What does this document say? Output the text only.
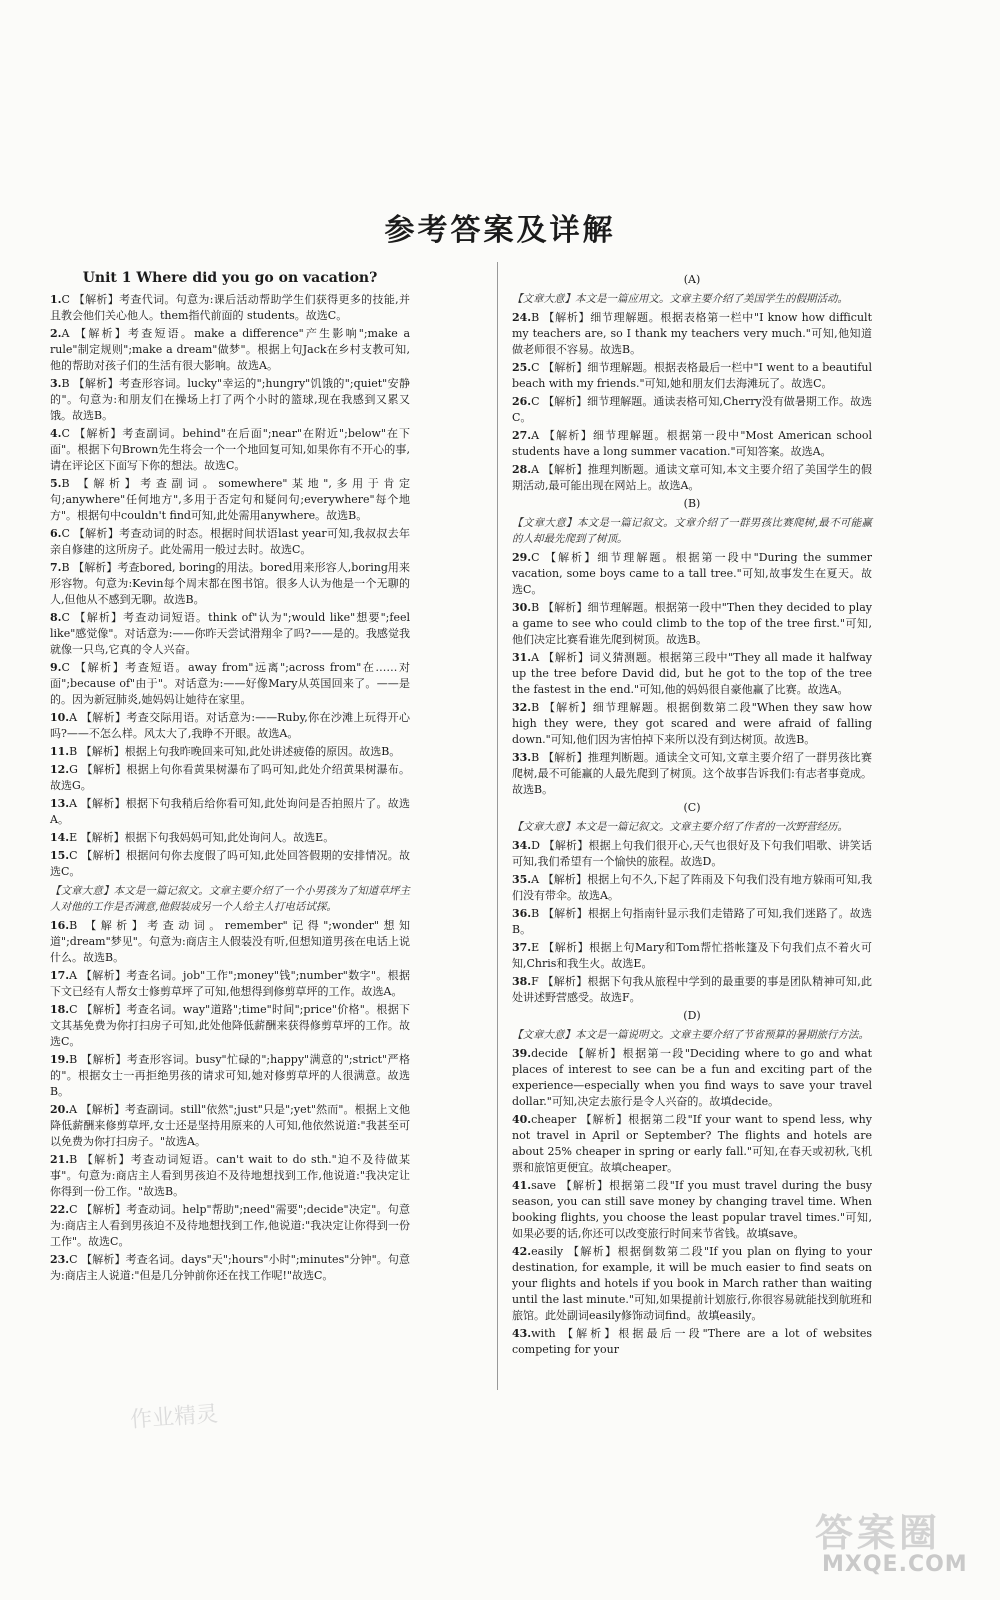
参考答案及详解
Unit 1 Where did you go on vacation?
1.C 【解析】考查代词。句意为:课后活动帮助学生们获得更多的技能,并且教会他们关心他人。them指代前面的 students。故选C。
2.A 【解析】考查短语。make a difference"产生影响";make a rule"制定规则";make a dream"做梦"。根据上句Jack在乡村支教可知,他的帮助对孩子们的生活有很大影响。故选A。
3.B 【解析】考查形容词。lucky"幸运的";hungry"饥饿的";quiet"安静的"。句意为:和朋友们在操场上打了两个小时的篮球,现在我感到又累又饿。故选B。
4.C 【解析】考查副词。behind"在后面";near"在附近";below"在下面"。根据下句Brown先生将会一个一个地回复可知,如果你有不开心的事,请在评论区下面写下你的想法。故选C。
5.B 【解析】考查副词。somewhere"某地",多用于肯定句;anywhere"任何地方",多用于否定句和疑问句;everywhere"每个地方"。根据句中couldn't find可知,此处需用anywhere。故选B。
6.C 【解析】考查动词的时态。根据时间状语last year可知,我叔叔去年亲自修建的这所房子。此处需用一般过去时。故选C。
7.B 【解析】考查bored, boring的用法。bored用来形容人,boring用来形容物。句意为:Kevin每个周末都在图书馆。很多人认为他是一个无聊的人,但他从不感到无聊。故选B。
8.C 【解析】考查动词短语。think of"认为";would like"想要";feel like"感觉像"。对话意为:——你昨天尝试滑翔伞了吗?——是的。我感觉我就像一只鸟,它真的令人兴奋。
9.C 【解析】考查短语。away from"远离";across from"在……对面";because of"由于"。对话意为:——好像Mary从英国回来了。——是的。因为新冠肺炎,她妈妈让她待在家里。
10.A 【解析】考查交际用语。对话意为:——Ruby,你在沙滩上玩得开心吗?——不怎么样。风太大了,我睁不开眼。故选A。
11.B 【解析】根据上句我昨晚回来可知,此处讲述疲倦的原因。故选B。
12.G 【解析】根据上句你看黄果树瀑布了吗可知,此处介绍黄果树瀑布。故选G。
13.A 【解析】根据下句我稍后给你看可知,此处询问是否拍照片了。故选A。
14.E 【解析】根据下句我妈妈可知,此处询问人。故选E。
15.C 【解析】根据问句你去度假了吗可知,此处回答假期的安排情况。故选C。
【文章大意】本文是一篇记叙文。文章主要介绍了一个小男孩为了知道草坪主人对他的工作是否满意,他假装成另一个人给主人打电话试探。
16.B 【解析】考查动词。remember"记得";wonder"想知道";dream"梦见"。句意为:商店主人假装没有听,但想知道男孩在电话上说什么。故选B。
17.A 【解析】考查名词。job"工作";money"钱";number"数字"。根据下文已经有人帮女士修剪草坪了可知,他想得到修剪草坪的工作。故选A。
18.C 【解析】考查名词。way"道路";time"时间";price"价格"。根据下文其基免费为你打扫房子可知,此处他降低薪酬来获得修剪草坪的工作。故选C。
19.B 【解析】考查形容词。busy"忙碌的";happy"满意的";strict"严格的"。根据女士一再拒绝男孩的请求可知,她对修剪草坪的人很满意。故选B。
20.A 【解析】考查副词。still"依然";just"只是";yet"然而"。根据上文他降低薪酬来修剪草坪,女士还是坚持用原来的人可知,他依然说道:"我甚至可以免费为你打扫房子。"故选A。
21.B 【解析】考查动词短语。can't wait to do sth."迫不及待做某事"。句意为:商店主人看到男孩迫不及待地想找到工作,他说道:"我决定让你得到一份工作。"故选B。
22.C 【解析】考查动词。help"帮助";need"需要";decide"决定"。句意为:商店主人看到男孩迫不及待地想找到工作,他说道:"我决定让你得到一份工作"。故选C。
23.C 【解析】考查名词。days"天";hours"小时";minutes"分钟"。句意为:商店主人说道:"但是几分钟前你还在找工作呢!"故选C。
(A)
【文章大意】本文是一篇应用文。文章主要介绍了美国学生的假期活动。
24.B 【解析】细节理解题。根据表格第一栏中"I know how difficult my teachers are, so I thank my teachers very much."可知,他知道做老师很不容易。故选B。
25.C 【解析】细节理解题。根据表格最后一栏中"I went to a beautiful beach with my friends."可知,她和朋友们去海滩玩了。故选C。
26.C 【解析】细节理解题。通读表格可知,Cherry没有做暑期工作。故选C。
27.A 【解析】细节理解题。根据第一段中"Most American school students have a long summer vacation."可知答案。故选A。
28.A 【解析】推理判断题。通读文章可知,本文主要介绍了美国学生的假期活动,最可能出现在网站上。故选A。
(B)
【文章大意】本文是一篇记叙文。文章介绍了一群男孩比赛爬树,最不可能赢的人却最先爬到了树顶。
29.C 【解析】细节理解题。根据第一段中"During the summer vacation, some boys came to a tall tree."可知,故事发生在夏天。故选C。
30.B 【解析】细节理解题。根据第一段中"Then they decided to play a game to see who could climb to the top of the tree first."可知,他们决定比赛看谁先爬到树顶。故选B。
31.A 【解析】词义猜测题。根据第三段中"They all made it halfway up the tree before David did, but he got to the top of the tree the fastest in the end."可知,他的妈妈很自豪他赢了比赛。故选A。
32.B 【解析】细节理解题。根据倒数第二段"When they saw how high they were, they got scared and were afraid of falling down."可知,他们因为害怕掉下来所以没有到达树顶。故选B。
33.B 【解析】推理判断题。通读全文可知,文章主要介绍了一群男孩比赛爬树,最不可能赢的人最先爬到了树顶。这个故事告诉我们:有志者事竟成。故选B。
(C)
【文章大意】本文是一篇记叙文。文章主要介绍了作者的一次野营经历。
34.D 【解析】根据上句我们很开心,天气也很好及下句我们唱歌、讲笑话可知,我们希望有一个愉快的旅程。故选D。
35.A 【解析】根据上句不久,下起了阵雨及下句我们没有地方躲雨可知,我们没有带伞。故选A。
36.B 【解析】根据上句指南针显示我们走错路了可知,我们迷路了。故选B。
37.E 【解析】根据上句Mary和Tom帮忙搭帐篷及下句我们点不着火可知,Chris和我生火。故选E。
38.F 【解析】根据下句我从旅程中学到的最重要的事是团队精神可知,此处讲述野营感受。故选F。
(D)
【文章大意】本文是一篇说明文。文章主要介绍了节省预算的暑期旅行方法。
39.decide 【解析】根据第一段"Deciding where to go and what places of interest to see can be a fun and exciting part of the experience—especially when you find ways to save your travel dollar."可知,决定去旅行是令人兴奋的。故填decide。
40.cheaper 【解析】根据第二段"If your want to spend less, why not travel in April or September? The flights and hotels are about 25% cheaper in spring or early fall."可知,在春天或初秋,飞机票和旅馆更便宜。故填cheaper。
41.save 【解析】根据第二段"If you must travel during the busy season, you can still save money by changing travel time. When booking flights, you choose the least popular travel times."可知,如果必要的话,你还可以改变旅行时间来节省钱。故填save。
42.easily 【解析】根据倒数第二段"If you plan on flying to your destination, for example, it will be much easier to find seats on your flights and hotels if you book in March rather than waiting until the last minute."可知,如果提前计划旅行,你很容易就能找到航班和旅馆。此处副词easily修饰动词find。故填easily。
43.with 【解析】根据最后一段"There are a lot of websites competing for your
作业精灵
答案圈
MXQE.COM
